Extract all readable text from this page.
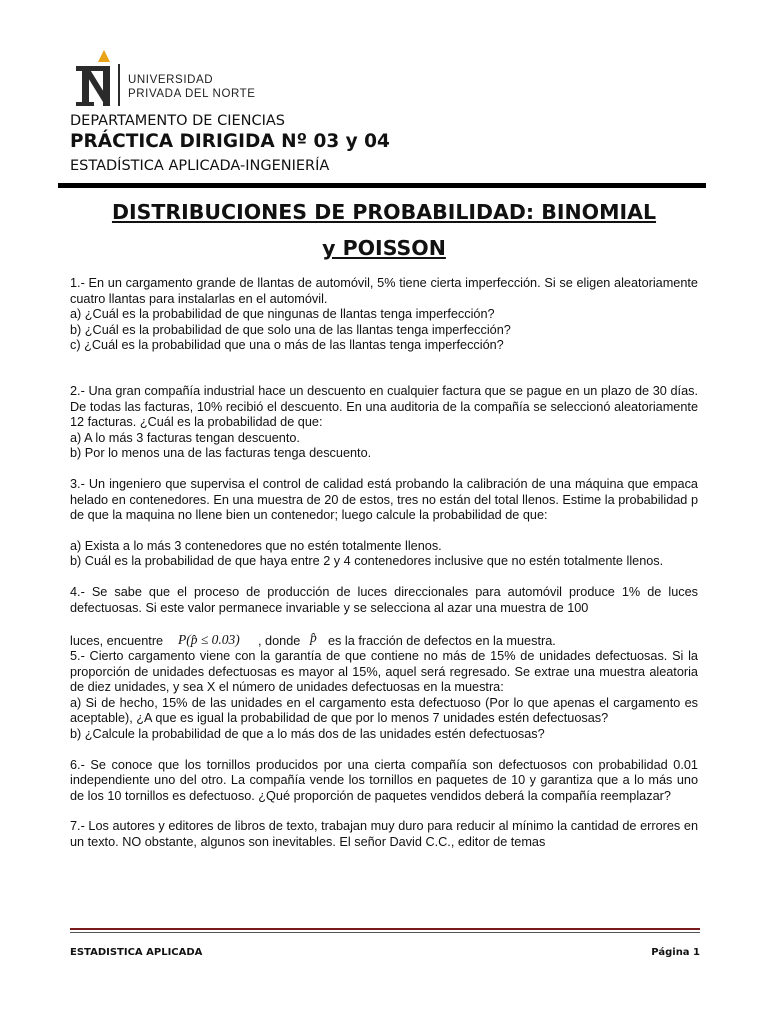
UNIVERSIDAD
PRIVADA DEL NORTE
DEPARTAMENTO DE CIENCIAS
PRÁCTICA DIRIGIDA Nº 03 y 04
ESTADÍSTICA APLICADA-INGENIERÍA
DISTRIBUCIONES DE PROBABILIDAD: BINOMIAL
y POISSON

1.- En un cargamento grande de llantas de automóvil, 5% tiene cierta imperfección. Si se eligen aleatoriamente cuatro llantas para instalarlas en el automóvil.

a) ¿Cuál es la probabilidad de que ningunas de llantas tenga imperfección?

b) ¿Cuál es la probabilidad de que solo una de las llantas tenga imperfección?

c) ¿Cuál es la probabilidad que una o más de las llantas tenga imperfección?

2.- Una gran compañía industrial hace un descuento en cualquier factura que se pague en un plazo de 30 días. De todas las facturas, 10% recibió el descuento. En una auditoria de la compañía se seleccionó aleatoriamente 12 facturas. ¿Cuál es la probabilidad de que:

a) A lo más 3 facturas tengan descuento.

b) Por lo menos una de las facturas tenga descuento.

3.- Un ingeniero que supervisa el control de calidad está probando la calibración de una máquina que empaca helado en contenedores. En una muestra de 20 de estos, tres no están del total llenos. Estime la probabilidad p de que la maquina no llene bien un contenedor; luego calcule la probabilidad de que:

a) Exista a lo más 3 contenedores que no estén totalmente llenos.

b) Cuál es la probabilidad de que haya entre 2 y 4 contenedores inclusive que no estén totalmente llenos.

4.- Se sabe que el proceso de producción de luces direccionales para automóvil produce 1% de luces defectuosas. Si este valor permanece invariable y se selecciona al azar una muestra de 100

luces, encuentre P(p̂ ≤ 0.03) , donde p̂ es la fracción de defectos en la muestra.

5.- Cierto cargamento viene con la garantía de que contiene no más de 15% de unidades defectuosas. Si la proporción de unidades defectuosas es mayor al 15%, aquel será regresado. Se extrae una muestra aleatoria de diez unidades, y sea X el número de unidades defectuosas en la muestra:

a) Si de hecho, 15% de las unidades en el cargamento esta defectuoso (Por lo que apenas el cargamento es aceptable), ¿A que es igual la probabilidad de que por lo menos 7 unidades estén defectuosas?

b) ¿Calcule la probabilidad de que a lo más dos de las unidades estén defectuosas?

6.- Se conoce que los tornillos producidos por una cierta compañía son defectuosos con probabilidad 0.01 independiente uno del otro. La compañía vende los tornillos en paquetes de 10 y garantiza que a lo más uno de los 10 tornillos es defectuoso. ¿Qué proporción de paquetes vendidos deberá la compañía reemplazar?

7.- Los autores y editores de libros de texto, trabajan muy duro para reducir al mínimo la cantidad de errores en un texto. NO obstante, algunos son inevitables. El señor David C.C., editor de temas

ESTADISTICA APLICADA	Página 1
